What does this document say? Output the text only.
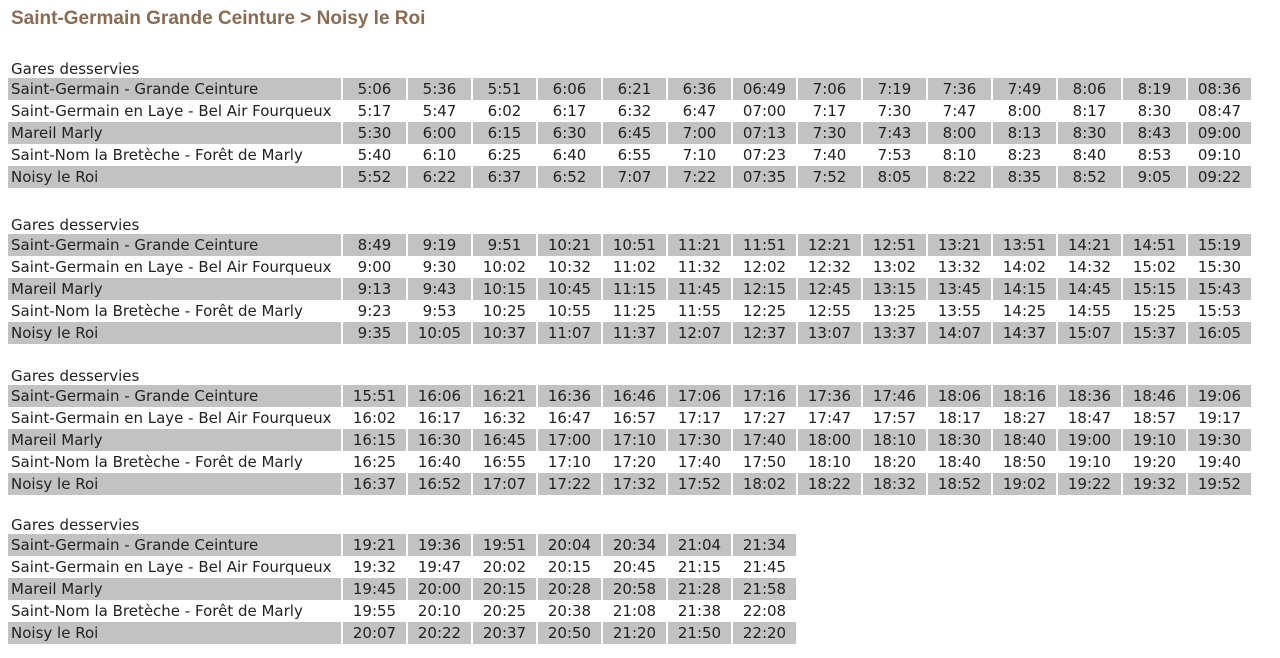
Saint-Germain Grande Ceinture > Noisy le Roi
Gares desservies
Saint-Germain - Grande Ceinture	5:06	5:36	5:51	6:06	6:21	6:36	06:49	7:06	7:19	7:36	7:49	8:06	8:19	08:36
Saint-Germain en Laye - Bel Air Fourqueux	5:17	5:47	6:02	6:17	6:32	6:47	07:00	7:17	7:30	7:47	8:00	8:17	8:30	08:47
Mareil Marly	5:30	6:00	6:15	6:30	6:45	7:00	07:13	7:30	7:43	8:00	8:13	8:30	8:43	09:00
Saint-Nom la Bretèche - Forêt de Marly	5:40	6:10	6:25	6:40	6:55	7:10	07:23	7:40	7:53	8:10	8:23	8:40	8:53	09:10
Noisy le Roi	5:52	6:22	6:37	6:52	7:07	7:22	07:35	7:52	8:05	8:22	8:35	8:52	9:05	09:22
Gares desservies
Saint-Germain - Grande Ceinture	8:49	9:19	9:51	10:21	10:51	11:21	11:51	12:21	12:51	13:21	13:51	14:21	14:51	15:19
Saint-Germain en Laye - Bel Air Fourqueux	9:00	9:30	10:02	10:32	11:02	11:32	12:02	12:32	13:02	13:32	14:02	14:32	15:02	15:30
Mareil Marly	9:13	9:43	10:15	10:45	11:15	11:45	12:15	12:45	13:15	13:45	14:15	14:45	15:15	15:43
Saint-Nom la Bretèche - Forêt de Marly	9:23	9:53	10:25	10:55	11:25	11:55	12:25	12:55	13:25	13:55	14:25	14:55	15:25	15:53
Noisy le Roi	9:35	10:05	10:37	11:07	11:37	12:07	12:37	13:07	13:37	14:07	14:37	15:07	15:37	16:05
Gares desservies
Saint-Germain - Grande Ceinture	15:51	16:06	16:21	16:36	16:46	17:06	17:16	17:36	17:46	18:06	18:16	18:36	18:46	19:06
Saint-Germain en Laye - Bel Air Fourqueux	16:02	16:17	16:32	16:47	16:57	17:17	17:27	17:47	17:57	18:17	18:27	18:47	18:57	19:17
Mareil Marly	16:15	16:30	16:45	17:00	17:10	17:30	17:40	18:00	18:10	18:30	18:40	19:00	19:10	19:30
Saint-Nom la Bretèche - Forêt de Marly	16:25	16:40	16:55	17:10	17:20	17:40	17:50	18:10	18:20	18:40	18:50	19:10	19:20	19:40
Noisy le Roi	16:37	16:52	17:07	17:22	17:32	17:52	18:02	18:22	18:32	18:52	19:02	19:22	19:32	19:52
Gares desservies
Saint-Germain - Grande Ceinture	19:21	19:36	19:51	20:04	20:34	21:04	21:34
Saint-Germain en Laye - Bel Air Fourqueux	19:32	19:47	20:02	20:15	20:45	21:15	21:45
Mareil Marly	19:45	20:00	20:15	20:28	20:58	21:28	21:58
Saint-Nom la Bretèche - Forêt de Marly	19:55	20:10	20:25	20:38	21:08	21:38	22:08
Noisy le Roi	20:07	20:22	20:37	20:50	21:20	21:50	22:20
